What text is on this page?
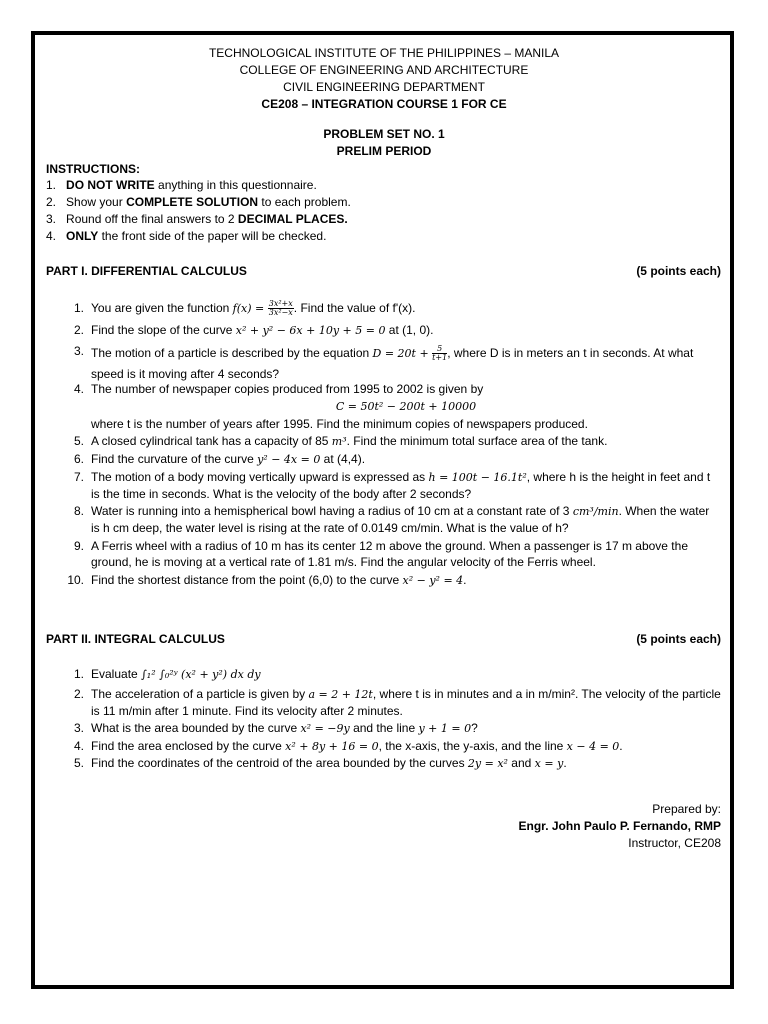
TECHNOLOGICAL INSTITUTE OF THE PHILIPPINES – MANILA
COLLEGE OF ENGINEERING AND ARCHITECTURE
CIVIL ENGINEERING DEPARTMENT
CE208 – INTEGRATION COURSE 1 FOR CE
PROBLEM SET NO. 1
PRELIM PERIOD
INSTRUCTIONS:
1. DO NOT WRITE anything in this questionnaire.
2. Show your COMPLETE SOLUTION to each problem.
3. Round off the final answers to 2 DECIMAL PLACES.
4. ONLY the front side of the paper will be checked.
PART I. DIFFERENTIAL CALCULUS	(5 points each)
1. You are given the function $f(x) = \frac{\text{3x²+x}}{\text{3x²−x}}$ . Find the value of f'(x).
2. Find the slope of the curve x² + y² − 6x + 10y + 5 = 0 at (1, 0).
3. The motion of a particle is described by the equation $D = 20t + \frac{5}{t+1}$ , where D is in meters an t in seconds. At what speed is it moving after 4 seconds?
4. The number of newspaper copies produced from 1995 to 2002 is given by
C = 50t² − 200t + 10000
where t is the number of years after 1995. Find the minimum copies of newspapers produced.
5. A closed cylindrical tank has a capacity of 85 m³. Find the minimum total surface area of the tank.
6. Find the curvature of the curve y² − 4x = 0 at (4,4).
7. The motion of a body moving vertically upward is expressed as h = 100t − 16.1t², where h is the height in feet and t is the time in seconds. What is the velocity of the body after 2 seconds?
8. Water is running into a hemispherical bowl having a radius of 10 cm at a constant rate of 3 cm³/min. When the water is h cm deep, the water level is rising at the rate of 0.0149 cm/min. What is the value of h?
9. A Ferris wheel with a radius of 10 m has its center 12 m above the ground. When a passenger is 17 m above the ground, he is moving at a vertical rate of 1.81 m/s. Find the angular velocity of the Ferris wheel.
10. Find the shortest distance from the point (6,0) to the curve x² − y² = 4.
PART II. INTEGRAL CALCULUS	(5 points each)
1. Evaluate ∫₁² ∫₀²ʸ (x² + y²) dx dy
2. The acceleration of a particle is given by a = 2 + 12t, where t is in minutes and a in m/min². The velocity of the particle is 11 m/min after 1 minute. Find its velocity after 2 minutes.
3. What is the area bounded by the curve x² = −9y and the line y + 1 = 0?
4. Find the area enclosed by the curve x² + 8y + 16 = 0, the x-axis, the y-axis, and the line x − 4 = 0.
5. Find the coordinates of the centroid of the area bounded by the curves 2y = x² and x = y.
Prepared by:
Engr. John Paulo P. Fernando, RMP
Instructor, CE208
